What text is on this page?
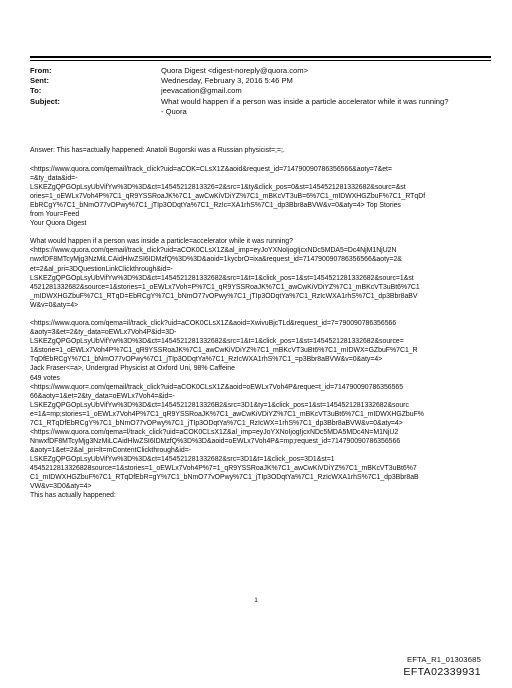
From:	Quora Digest <digest-noreply@quora.com>
Sent:	Wednesday, February 3, 2016 5:46 PM
To:	jeevacation@gmail.com
Subject:	What would happen if a person was inside a particle accelerator while it was running?
- Quora

Answer: This has=actually happened: Anatoli Bugorski was a Russian physicist=;=;.

<https://www.quora.com/qemail/track_click?uid=aCOK=CLsX1Z&aoid&request_id=714790090786356566&aoty=7&et=
=&ty_data&id=-
LSKEZgQPGOpLsyUbVifYw%3D%3D&ct=14545212813326=2&src=1&ty&click_pos=0&st=1454521281332682&sourc=&st
ories=1_oEWLx7Voh4P%7C1_qR9YSSRoaJK%7C1_awCwKiVDiYZ%7C1_mBKcVT3uB=6%7C1_mIDWXHGZbuF%7C1_RTqDf
EbRCgY%7C1_bNmO77vOPwy%7C1_jTIp3ODqtYa%7C1_RzIc=XA1rhS%7C1_dp3Bbr8aBVW&v=0&aty=4> Top Stories
from Your=Feed
Your Quora Digest

What would happen if a person was inside a particle=accelerator while it was running?
<https://www.quora.com/qemail/track_click?uid=aCOK0CLsX1Z&al_imp=eyJoYXNoIjogIjcxNDc5MDA5=Dc4NjM1NjU2N
nwxfDF8MTcyMjg3NzMiLCAidHlwZSI6IDMzfQ%3D%3D&aoid=1kycbrO=ixa&request_id=714790090786356566&aoty=2&
et=2&al_pri=3DQuestionLinkClickthrough&id=-
LSKEZgQPGOpLsyUbVifYw%3D%3D&ct=1454521281332682&src=1&t=1&click_pos=1&st=1454521281332682&sourc=1&st
4521281332682&source=1&stories=1_oEWLx7Voh=P%7C1_qR9YSSRoaJK%7C1_awCwKiVDiYZ%7C1_mBKcVT3uBt6%7C1
_mIDWXHGZbuF%7C1_RTqD=EbRCgY%7C1_bNmO77vOPwy%7C1_jTIp3ODqtYa%7C1_RzIcWXA1rhS%7C1_dp3Bbr8aBV
W&v=0&aty=4>

<https://www.quora.com/qema=il/track_click?uid=aCOK0CLsX1Z&aoid=XwivuBjcTLd&request_id=7=790090786356566
&aoty=3&et=2&ty_data=oEWLx7Voh4P&id=3D-
LSKEZgQPGOpLsyUbVifYw%3D%3D&ct=1454521281332682&src=1&t=1&click_pos=1&st=1454521281332682&source=
1&storie=1_oEWLx7Voh4P%7C1_qR9YSSRoaJK%7C1_awCwKiVDiYZ%7C1_mBKcVT3uBt6%7C1_mIDWX=GZbuF%7C1_R
TqDfEbRCgY%7C1_bNmO77vOPwy%7C1_jTIp3ODqtYa%7C1_RzIcWXA1rhS%7C1_=p3Bbr8aBVW&v=0&aty=4>
Jack Fraser<=a>, Undergrad Physicist at Oxford Uni, 98% Caffeine
649 votes
<https://www.quor=.com/qemail/track_click?uid=aCOK0CLsX1Z&aoid=oEWLx7Voh4P&reque=t_id=714790090786356565
66&aoty=1&et=2&ty_data=oEWLx7Voh4=&id=-
LSKEZgQPGOpLsyUbVifYw%3D%3D&ct=14545212813326B2&src=3D1&ty=1&click_pos=1&st=1454521281332682&sourc
e=1&=mp;stories=1_oEWLx7Voh4P%7C1_qR9YSSRoaJK%7C1_awCwKiVDiYZ%7C1_mBKcVT3uBt6%7C1_mIDWXHGZbuF%
7C1_RTqDfEbRCgY%7C1_bNmO77vOPwy%7C1_jTIp3ODqtYa%7C1_RzIcWX=1rhS%7C1_dp3Bbr8aBVW&v=0&aty=4>
<https://www.quora.com/qema=l/track_click?uid=aCOK0CLsX1Z&al_imp=eyJoYXNoIjogIjcxNDc5MDA5MDc4N=M1NjU2
NnwxfDF8MTcyMjg3NzMiLCAidHlwZSI6IDMzfQ%3D%3D&aoid=oEWLx7Voh4P&=mp;request_id=714790090786356566
&aoty=1&et=2&al_pri=lt=mContentClickthrough&id=-
LSKEZgQPGOpLsyUbVifYw%3D%3D&ct=1454521281332682&src=3D1&t=1&click_pos=3D1&st=1
4545212813326828source=1&stories=1_oEWLx7Voh4P%7=1_qR9YSSRoaJK%7C1_awCwKiVDiYZ%7C1_mBKcVT3uBt6%7
C1_mIDWXHGZbuF%7C1_RTqDfEbR=gY%7C1_bNmO77vOPwy%7C1_jTIp3ODqtYa%7C1_RzIcWXA1rhS%7C1_dp3Bbr8aB
VW&v=3D0&aty=4>
This has actually happened:

1
EFTA_R1_01303685
EFTA02339931
